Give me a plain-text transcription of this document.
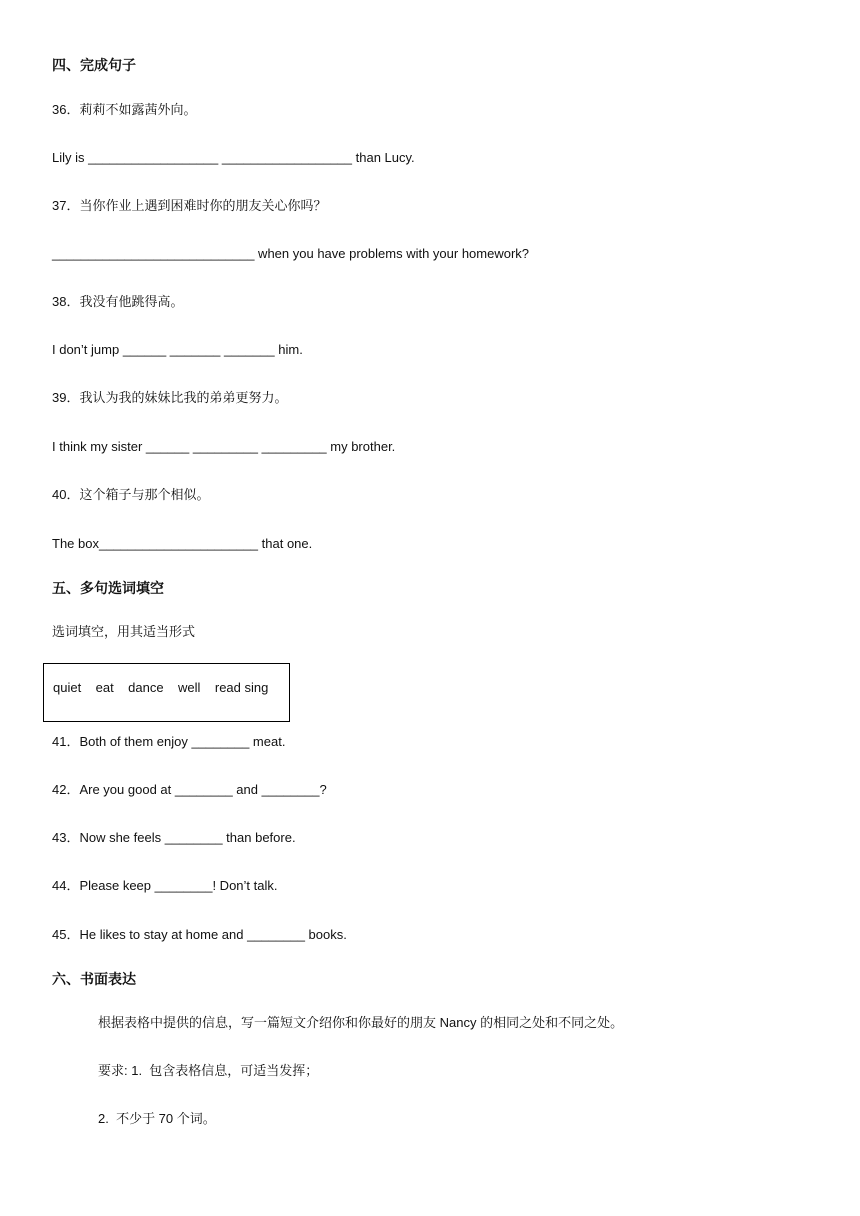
四、完成句子
36．莉莉不如露茜外向。
Lily is __________________ __________________ than Lucy.
37．当你作业上遇到困难时你的朋友关心你吗？
____________________________ when you have problems with your homework?
38．我没有他跳得高。
I don’t jump ______ _______ _______ him.
39．我认为我的妹妹比我的弟弟更努力。
I think my sister ______ _________ _________ my brother.
40．这个箱子与那个相似。
The box______________________ that one.
五、多句选词填空
选词填空，用其适当形式
quiet    eat    dance    well    read sing
41．Both of them enjoy ________ meat.
42．Are you good at ________ and ________?
43．Now she feels ________ than before.
44．Please keep ________! Don’t talk.
45．He likes to stay at home and ________ books.
六、书面表达
根据表格中提供的信息，写一篇短文介绍你和你最好的朋友 Nancy 的相同之处和不同之处。
要求: 1.  包含表格信息，可适当发挥；
2.  不少于 70 个词。
